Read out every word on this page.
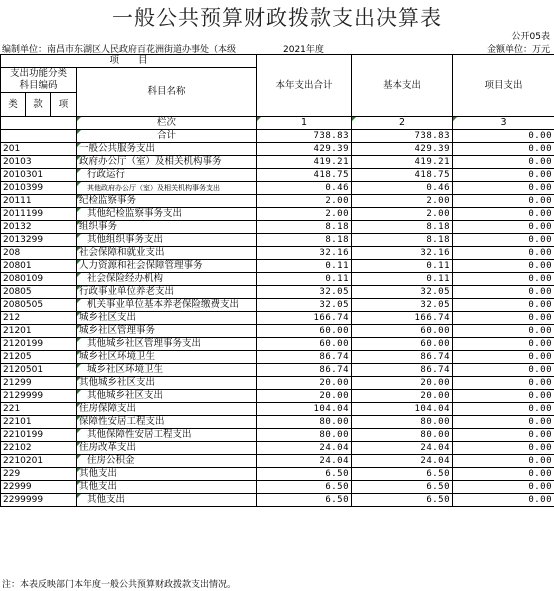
一般公共预算财政拨款支出决算表
公开05表
编制单位：南昌市东湖区人民政府百花洲街道办事处（本级	2021年度	金额单位：万元
项　　目				本年支出合计	基本支出	项目支出
支出功能分类
科目编码			科目名称			

类	款	项				
			栏次	1	2	3
			合计	738.83	738.83	0.00
201			一般公共服务支出	429.39	429.39	0.00
20103			政府办公厅（室）及相关机构事务	419.21	419.21	0.00
2010301			行政运行	418.75	418.75	0.00
2010399			其他政府办公厅（室）及相关机构事务支出	0.46	0.46	0.00
20111			纪检监察事务	2.00	2.00	0.00
2011199			其他纪检监察事务支出	2.00	2.00	0.00
20132			组织事务	8.18	8.18	0.00
2013299			其他组织事务支出	8.18	8.18	0.00
208			社会保障和就业支出	32.16	32.16	0.00
20801			人力资源和社会保障管理事务	0.11	0.11	0.00
2080109			社会保险经办机构	0.11	0.11	0.00
20805			行政事业单位养老支出	32.05	32.05	0.00
2080505			机关事业单位基本养老保险缴费支出	32.05	32.05	0.00
212			城乡社区支出	166.74	166.74	0.00
21201			城乡社区管理事务	60.00	60.00	0.00
2120199			其他城乡社区管理事务支出	60.00	60.00	0.00
21205			城乡社区环境卫生	86.74	86.74	0.00
2120501			城乡社区环境卫生	86.74	86.74	0.00
21299			其他城乡社区支出	20.00	20.00	0.00
2129999			其他城乡社区支出	20.00	20.00	0.00
221			住房保障支出	104.04	104.04	0.00
22101			保障性安居工程支出	80.00	80.00	0.00
2210199			其他保障性安居工程支出	80.00	80.00	0.00
22102			住房改革支出	24.04	24.04	0.00
2210201			住房公积金	24.04	24.04	0.00
229			其他支出	6.50	6.50	0.00
22999			其他支出	6.50	6.50	0.00
2299999			其他支出	6.50	6.50	0.00
注：本表反映部门本年度一般公共预算财政拨款支出情况。
